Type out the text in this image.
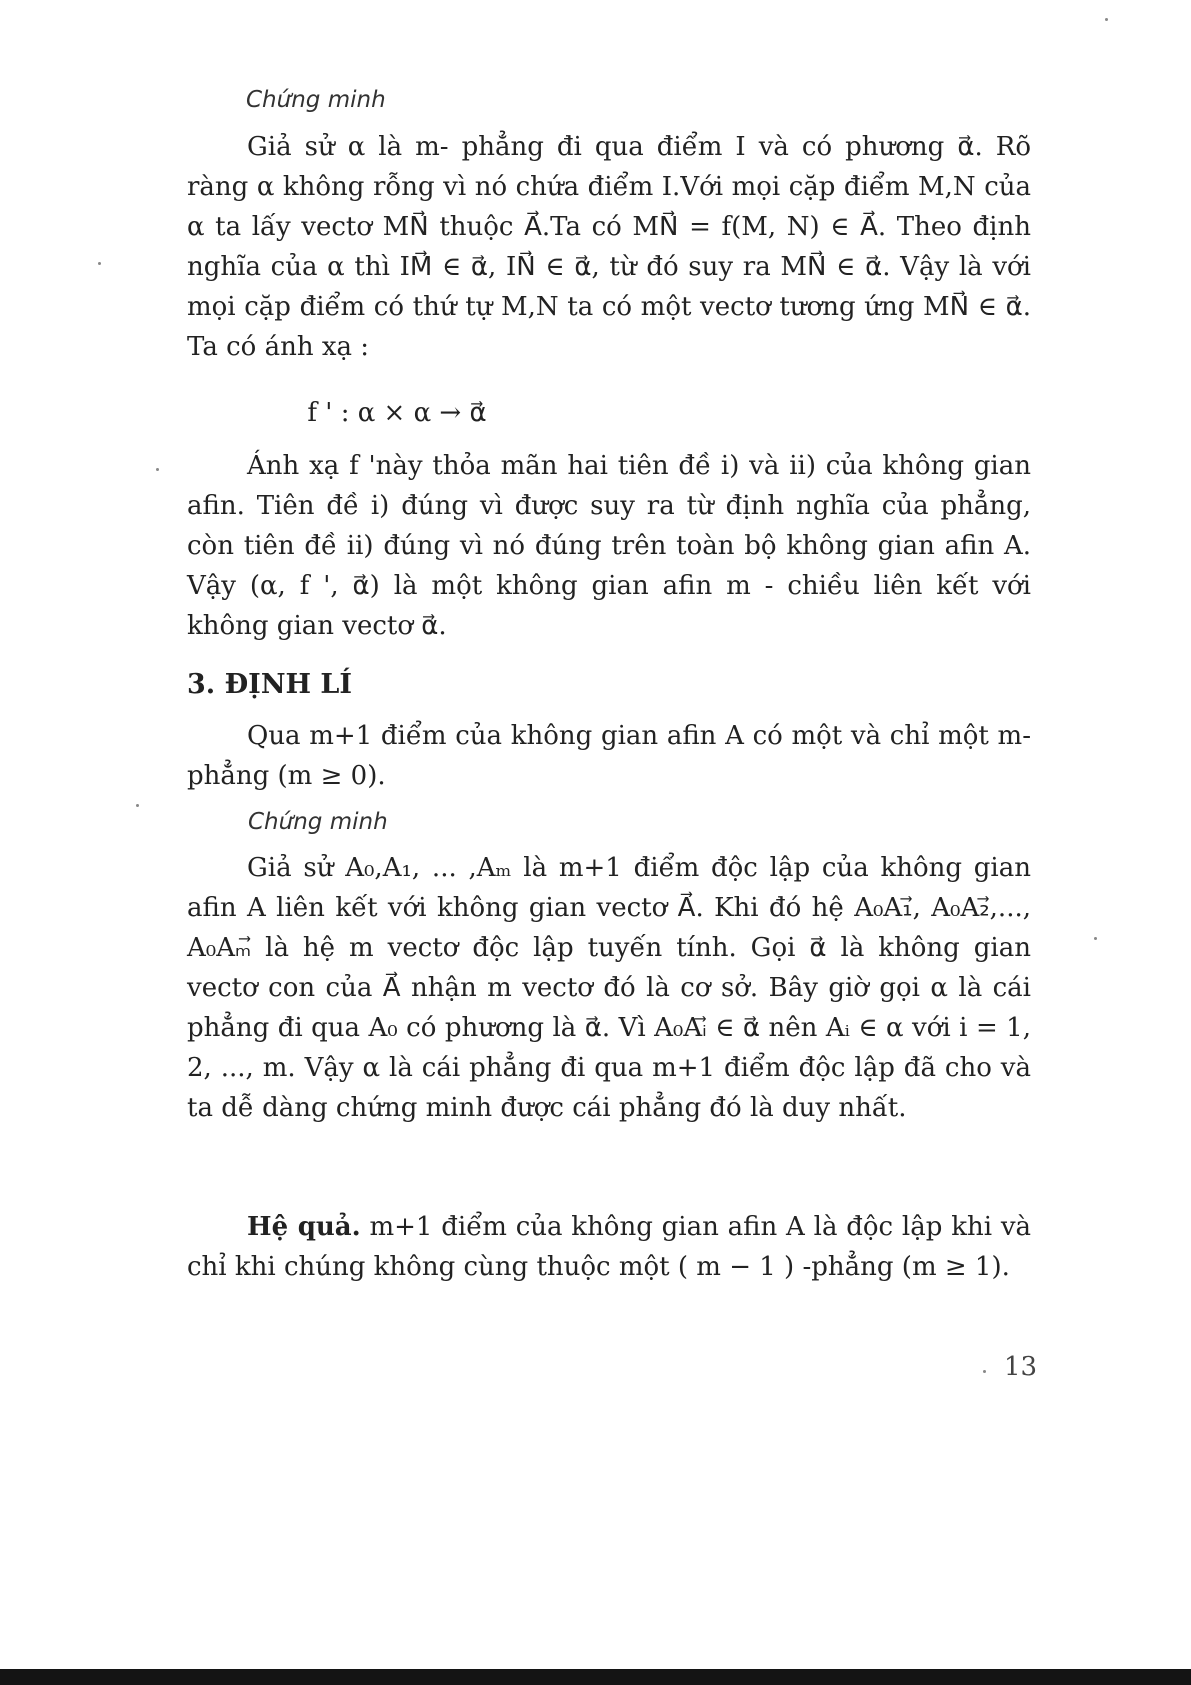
Chứng minh

Giả sử α là m- phẳng đi qua điểm I và có phương α⃗. Rõ ràng α không rỗng vì nó chứa điểm I.Với mọi cặp điểm M,N của α ta lấy vectơ MN⃗ thuộc A⃗.Ta có MN⃗ = f(M, N) ∈ A⃗. Theo định nghĩa của α thì IM⃗ ∈ α⃗, IN⃗ ∈ α⃗, từ đó suy ra MN⃗ ∈ α⃗. Vậy là với mọi cặp điểm có thứ tự M,N ta có một vectơ tương ứng MN⃗ ∈ α⃗. Ta có ánh xạ :

f ' : α × α → α⃗

Ánh xạ f 'này thỏa mãn hai tiên đề i) và ii) của không gian afin. Tiên đề i) đúng vì được suy ra từ định nghĩa của phẳng, còn tiên đề ii) đúng vì nó đúng trên toàn bộ không gian afin A. Vậy (α, f ', α⃗) là một không gian afin m - chiều liên kết với không gian vectơ α⃗.

3. ĐỊNH LÍ

Qua m+1 điểm của không gian afin A có một và chỉ một m-phẳng (m ≥ 0).

Chứng minh

Giả sử A₀,A₁, ... ,Aₘ là m+1 điểm độc lập của không gian afin A liên kết với không gian vectơ A⃗. Khi đó hệ A₀A₁⃗, A₀A₂⃗,..., A₀Aₘ⃗ là hệ m vectơ độc lập tuyến tính. Gọi α⃗ là không gian vectơ con của A⃗ nhận m vectơ đó là cơ sở. Bây giờ gọi α là cái phẳng đi qua A₀ có phương là α⃗. Vì A₀Aᵢ⃗ ∈ α⃗ nên Aᵢ ∈ α với i = 1, 2, ..., m. Vậy α là cái phẳng đi qua m+1 điểm độc lập đã cho và ta dễ dàng chứng minh được cái phẳng đó là duy nhất.

Hệ quả. m+1 điểm của không gian afin A là độc lập khi và chỉ khi chúng không cùng thuộc một ( m − 1 ) -phẳng (m ≥ 1).

13
